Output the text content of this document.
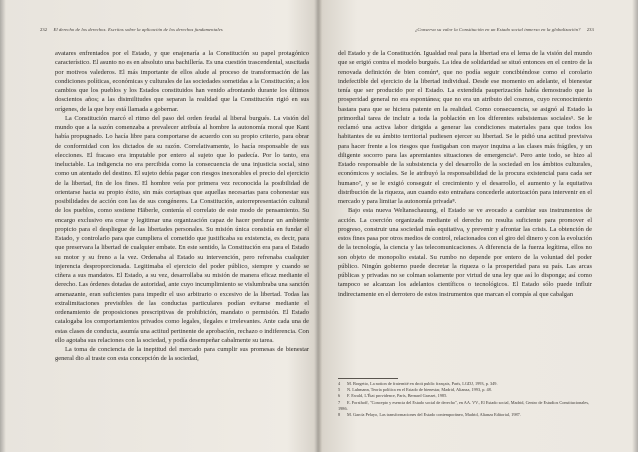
232 El derecho de los derechos. Escritos sobre la aplicación de los derechos fundamentales

avatares enfrentados por el Estado, y que enajenaría a la Constitución su papel protagónico característico. El asunto no es en absoluto una bachillería. Es una cuestión trascendental, suscitada por motivos valederos. El más importante de ellos alude al proceso de transformación de las condiciones políticas, económicas y culturales de las sociedades sometidas a la Constitución; a los cambios que los pueblos y los Estados constituidos han venido afrontando durante los últimos doscientos años; a las disimilitudes que separan la realidad que la Constitución rigió en sus orígenes, de la que hoy está llamada a gobernar.

La Constitución marcó el ritmo del paso del orden feudal al liberal burgués. La visión del mundo que a la sazón comenzaba a prevalecer atribuía al hombre la autonomía moral que Kant había propugnado. Lo hacía libre para comportarse de acuerdo con su propio criterio, para obrar de conformidad con los dictados de su razón. Correlativamente, lo hacía responsable de sus elecciones. El fracaso era imputable por entero al sujeto que lo padecía. Por lo tanto, era ineluctable. La indigencia no era percibida como la consecuencia de una injusticia social, sino como un atentado del destino. El sujeto debía pagar con riesgos inexorables el precio del ejercicio de la libertad, fin de los fines. El hombre veía por primera vez reconocida la posibilidad de orientarse hacia su propio éxito, sin más cortapisas que aquellas necesarias para cohonestar sus posibilidades de acción con las de sus congéneres. La Constitución, autorrepresentación cultural de los pueblos, como sostiene Häberle, contenía el correlato de este modo de pensamiento. Su encargo exclusivo era crear y legitimar una organización capaz de hacer perdurar un ambiente propicio para el despliegue de las libertades personales. Su misión única consistía en fundar el Estado, y controlarlo para que cumpliera el cometido que justificaba su existencia, es decir, para que preservara la libertad de cualquier embate. En este sentido, la Constitución era para el Estado su motor y su freno a la vez. Ordenaba al Estado su intervención, pero refrenaba cualquier injerencia desproporcionada. Legitimaba el ejercicio del poder público, siempre y cuando se ciñera a sus mandatos. El Estado, a su vez, desarrollaba su misión de manera eficaz mediante el derecho. Las órdenes dotadas de autoridad, ante cuyo incumplimiento se vislumbraba una sanción amenazante, eran suficientes para impedir el uso arbitrario o excesivo de la libertad. Todas las extralimitaciones previsibles de las conductas particulares podían evitarse mediante el ordenamiento de proposiciones prescriptivas de prohibición, mandato o permisión. El Estado catalogaba los comportamientos privados como legales, ilegales e irrelevantes. Ante cada una de estas clases de conducta, asumía una actitud pertinente de aprobación, rechazo o indiferencia. Con ello agotaba sus relaciones con la sociedad, y podía desempeñar cabalmente su tarea.

La toma de conciencia de la ineptitud del mercado para cumplir sus promesas de bienestar general dio al traste con esta concepción de la sociedad,

¿Conserva su valor la Constitución en un Estado social inmerso en la globalización? 233

del Estado y de la Constitución. Igualdad real para la libertad era el lema de la visión del mundo que se erigió contra el modelo burgués. La idea de solidaridad se situó entonces en el centro de la renovada definición de bien común⁴, que no podía seguir concibiéndose como el corolario indefectible del ejercicio de la libertad individual. Desde ese momento en adelante, el bienestar tenía que ser producido por el Estado. La extendida pauperización había demostrado que la prosperidad general no era espontánea; que no era un atributo del cosmos, cuyo reconocimiento bastara para que se hiciera patente en la realidad. Como consecuencia, se asignó al Estado la primordial tarea de incluir a toda la población en los diferentes subsistemas sociales⁵. Se le reclamó una activa labor dirigida a generar las condiciones materiales para que todos los habitantes de su ámbito territorial pudiesen ejercer su libertad. Se le pidió una actitud previsiva para hacer frente a los riesgos que fustigaban con mayor inquina a las clases más frágiles, y un diligente socorro para las apremiantes situaciones de emergencia⁶. Pero ante todo, se hizo al Estado responsable de la subsistencia y del desarrollo de la sociedad en los ámbitos culturales, económicos y sociales. Se le atribuyó la responsabilidad de la procura existencial para cada ser humano⁷, y se le exigió conseguir el crecimiento y el desarrollo, el aumento y la equitativa distribución de la riqueza, aun cuando esto entrañara concederle autorización para intervenir en el mercado y para limitar la autonomía privada⁸.

Bajo esta nueva Weltanschauung, el Estado se ve avocado a cambiar sus instrumentos de acción. La coerción organizada mediante el derecho no resulta suficiente para promover el progreso, construir una sociedad más equitativa, y prevenir y afrontar las crisis. La obtención de estos fines pasa por otros medios de control, relacionados con el giro del dinero y con la evolución de la tecnología, la ciencia y las telecomunicaciones. A diferencia de la fuerza legítima, ellos no son objeto de monopolio estatal. Su rumbo no depende por entero de la voluntad del poder público. Ningún gobierno puede decretar la riqueza o la prosperidad para su país. Las arcas públicas y privadas no se colman solamente por virtud de una ley que así lo disponga; así como tampoco se alcanzan los adelantos científicos o tecnológicos. El Estado sólo puede influir indirectamente en el derrotero de estos instrumentos que marcan el compás al que cabalgan

4 M. Borgetto, La notion de fraternité en droit public français, París, LGDJ, 1993, p. 349.

5 N. Luhmann, Teoría política en el Estado de bienestar, Madrid, Alianza, 1993, p. 48.

6 F. Ewald, L'État providence, París, Bernard Grasset, 1985.

7 E. Forsthoff, "Concepto y esencia del Estado social de derecho", en AA. VV., El Estado social, Madrid, Centro de Estudios Constitucionales, 1986.

8 M. García Pelayo, Las transformaciones del Estado contemporáneo, Madrid, Alianza Editorial, 1987.
